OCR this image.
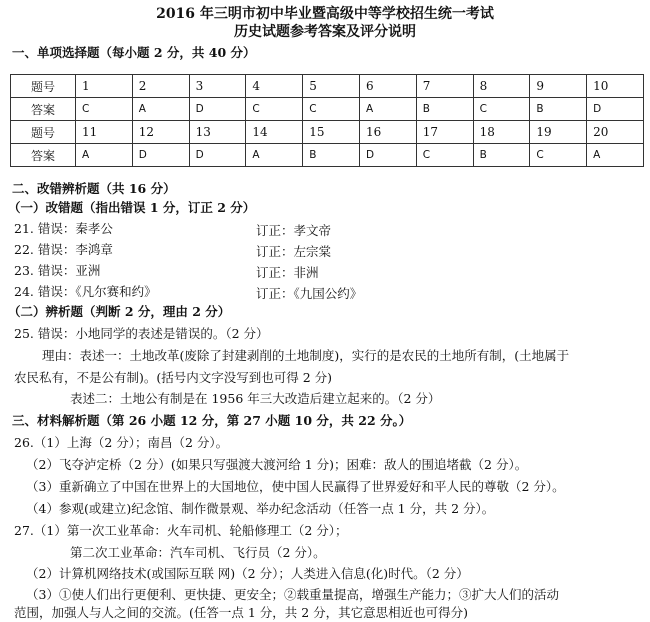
2016 年三明市初中毕业暨高级中等学校招生统一考试
历史试题参考答案及评分说明
一、单项选择题（每小题 2 分，共 40 分）
题号	1	2	3	4	5	6	7	8	9	10
答案	C	A	D	C	C	A	B	C	B	D
题号	11	12	13	14	15	16	17	18	19	20
答案	A	D	D	A	B	D	C	B	C	A
二、改错辨析题（共 16 分）
（一）改错题（指出错误 1 分，订正 2 分）
21. 错误：秦孝公	订正：孝文帝
22. 错误：李鸿章	订正：左宗棠
23. 错误：亚洲	订正：非洲
24. 错误：《凡尔赛和约》	订正：《九国公约》
（二）辨析题（判断 2 分，理由 2 分）
25. 错误：小地同学的表述是错误的。（2 分）
理由：表述一：土地改革(废除了封建剥削的土地制度)，实行的是农民的土地所有制，(土地属于
农民私有，不是公有制)。(括号内文字没写到也可得 2 分)
表述二：土地公有制是在 1956 年三大改造后建立起来的。（2 分）
三、材料解析题（第 26 小题 12 分，第 27 小题 10 分，共 22 分。）
26.（1）上海（2 分）；南昌（2 分）。
（2）飞夺泸定桥（2 分）(如果只写强渡大渡河给 1 分)；困难：敌人的围追堵截（2 分）。
（3）重新确立了中国在世界上的大国地位，使中国人民赢得了世界爱好和平人民的尊敬（2 分）。
（4）参观(或建立)纪念馆、制作微景观、举办纪念活动（任答一点 1 分，共 2 分）。
27.（1）第一次工业革命：火车司机、轮船修理工（2 分）；
第二次工业革命：汽车司机、飞行员（2 分）。
（2）计算机网络技术(或国际互联 网)（2 分）；人类进入信息(化)时代。（2 分）
（3）①使人们出行更便利、更快捷、更安全；②载重量提高，增强生产能力；③扩大人们的活动
范围，加强人与人之间的交流。(任答一点 1 分，共 2 分，其它意思相近也可得分)
